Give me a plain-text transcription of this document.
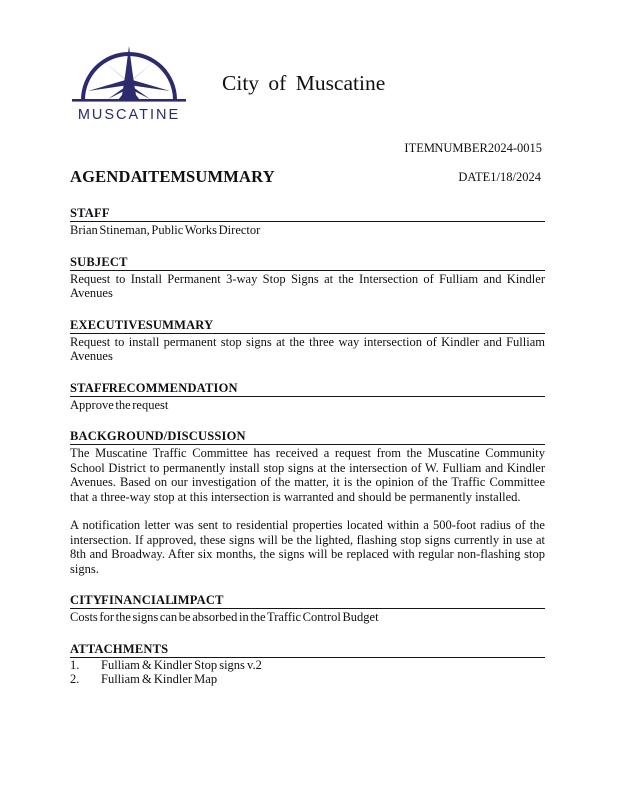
MUSCATINE
City of Muscatine
ITEM NUMBER2024-0015
AGENDA ITEM SUMMARY	DATE1/18/2024
STAFF

Brian Stineman, Public Works Director

SUBJECT

Request to Install Permanent 3-way Stop Signs at the Intersection of Fulliam and Kindler Avenues

EXECUTIVE SUMMARY

Request to install permanent stop signs at the three way intersection of Kindler and Fulliam Avenues

STAFF RECOMMENDATION

Approve the request

BACKGROUND/DISCUSSION

The Muscatine Traffic Committee has received a request from the Muscatine Community School District to permanently install stop signs at the intersection of W. Fulliam and Kindler Avenues. Based on our investigation of the matter, it is the opinion of the Traffic Committee that a three-way stop at this intersection is warranted and should be permanently installed.

A notification letter was sent to residential properties located within a 500-foot radius of the intersection. If approved, these signs will be the lighted, flashing stop signs currently in use at 8th and Broadway. After six months, the signs will be replaced with regular non-flashing stop signs.

CITY FINANCIAL IMPACT

Costs for the signs can be absorbed in the Traffic Control Budget

ATTACHMENTS
1.	Fulliam & Kindler Stop signs v.2
2.	Fulliam & Kindler Map
